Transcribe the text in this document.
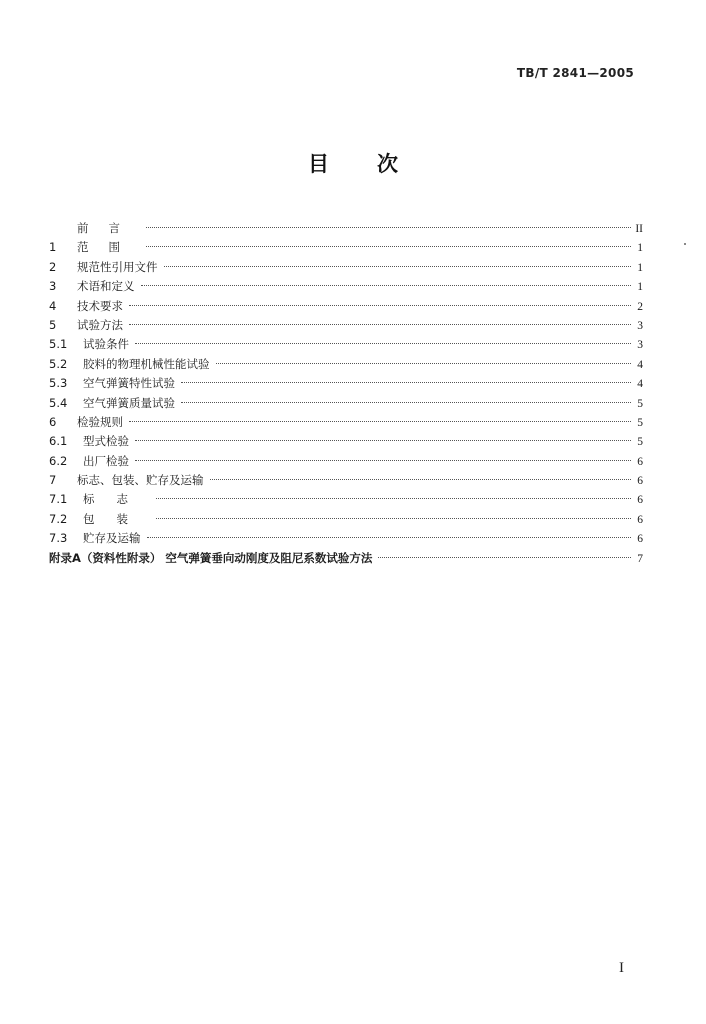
TB/T 2841—2005
目次
前言	II
1	范围	1
2	规范性引用文件	1
3	术语和定义	1
4	技术要求	2
5	试验方法	3
5.1	试验条件	3
5.2	胶料的物理机械性能试验	4
5.3	空气弹簧特性试验	4
5.4	空气弹簧质量试验	5
6	检验规则	5
6.1	型式检验	5
6.2	出厂检验	6
7	标志、包装、贮存及运输	6
7.1	标志	6
7.2	包装	6
7.3	贮存及运输	6
附录A（资料性附录） 空气弹簧垂向动刚度及阻尼系数试验方法	7
I
